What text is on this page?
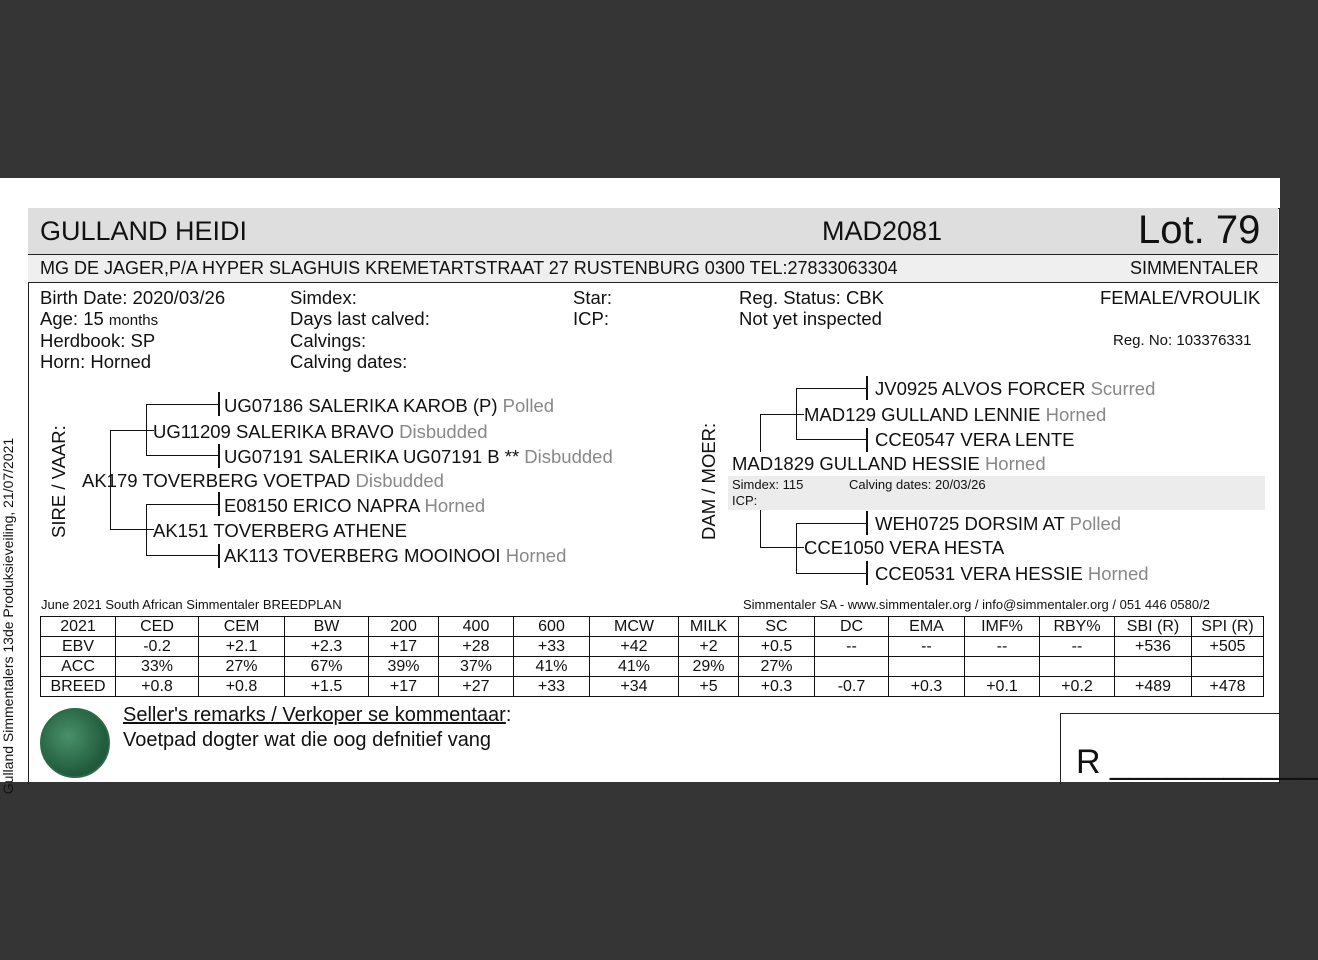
Gulland Simmentalers 13de Produksieveiling, 21/07/2021
GULLAND HEIDI	MAD2081	Lot. 79
MG DE JAGER,P/A HYPER SLAGHUIS KREMETARTSTRAAT 27 RUSTENBURG 0300 TEL:27833063304	SIMMENTALER
Birth Date: 2020/03/26
Age: 15 months
Herdbook: SP
Horn: Horned
Simdex:
Days last calved:
Calvings:
Calving dates:
Star:
ICP:
Reg. Status: CBK
Not yet inspected
FEMALE/VROULIK
Reg. No: 103376331
SIRE / VAAR:
UG07186 SALERIKA KAROB (P) Polled
UG11209 SALERIKA BRAVO Disbudded
UG07191 SALERIKA UG07191 B ** Disbudded
AK179 TOVERBERG VOETPAD Disbudded
E08150 ERICO NAPRA Horned
AK151 TOVERBERG ATHENE
AK113 TOVERBERG MOOINOOI Horned
DAM / MOER:
JV0925 ALVOS FORCER Scurred
MAD129 GULLAND LENNIE Horned
CCE0547 VERA LENTE
MAD1829 GULLAND HESSIE Horned
Simdex: 115	Calving dates: 20/03/26
ICP:
WEH0725 DORSIM AT Polled
CCE1050 VERA HESTA
CCE0531 VERA HESSIE Horned
June 2021 South African Simmentaler BREEDPLAN	Simmentaler SA - www.simmentaler.org / info@simmentaler.org / 051 446 0580/2
2021	CED	CEM	BW	200	400	600	MCW	MILK	SC	DC	EMA	IMF%	RBY%	SBI (R)	SPI (R)
EBV	-0.2	+2.1	+2.3	+17	+28	+33	+42	+2	+0.5	--	--	--	--	+536	+505
ACC	33%	27%	67%	39%	37%	41%	41%	29%	27%						
BREED	+0.8	+0.8	+1.5	+17	+27	+33	+34	+5	+0.3	-0.7	+0.3	+0.1	+0.2	+489	+478
Seller's remarks / Verkoper se kommentaar:
Voetpad dogter wat die oog defnitief vang
R ___________
